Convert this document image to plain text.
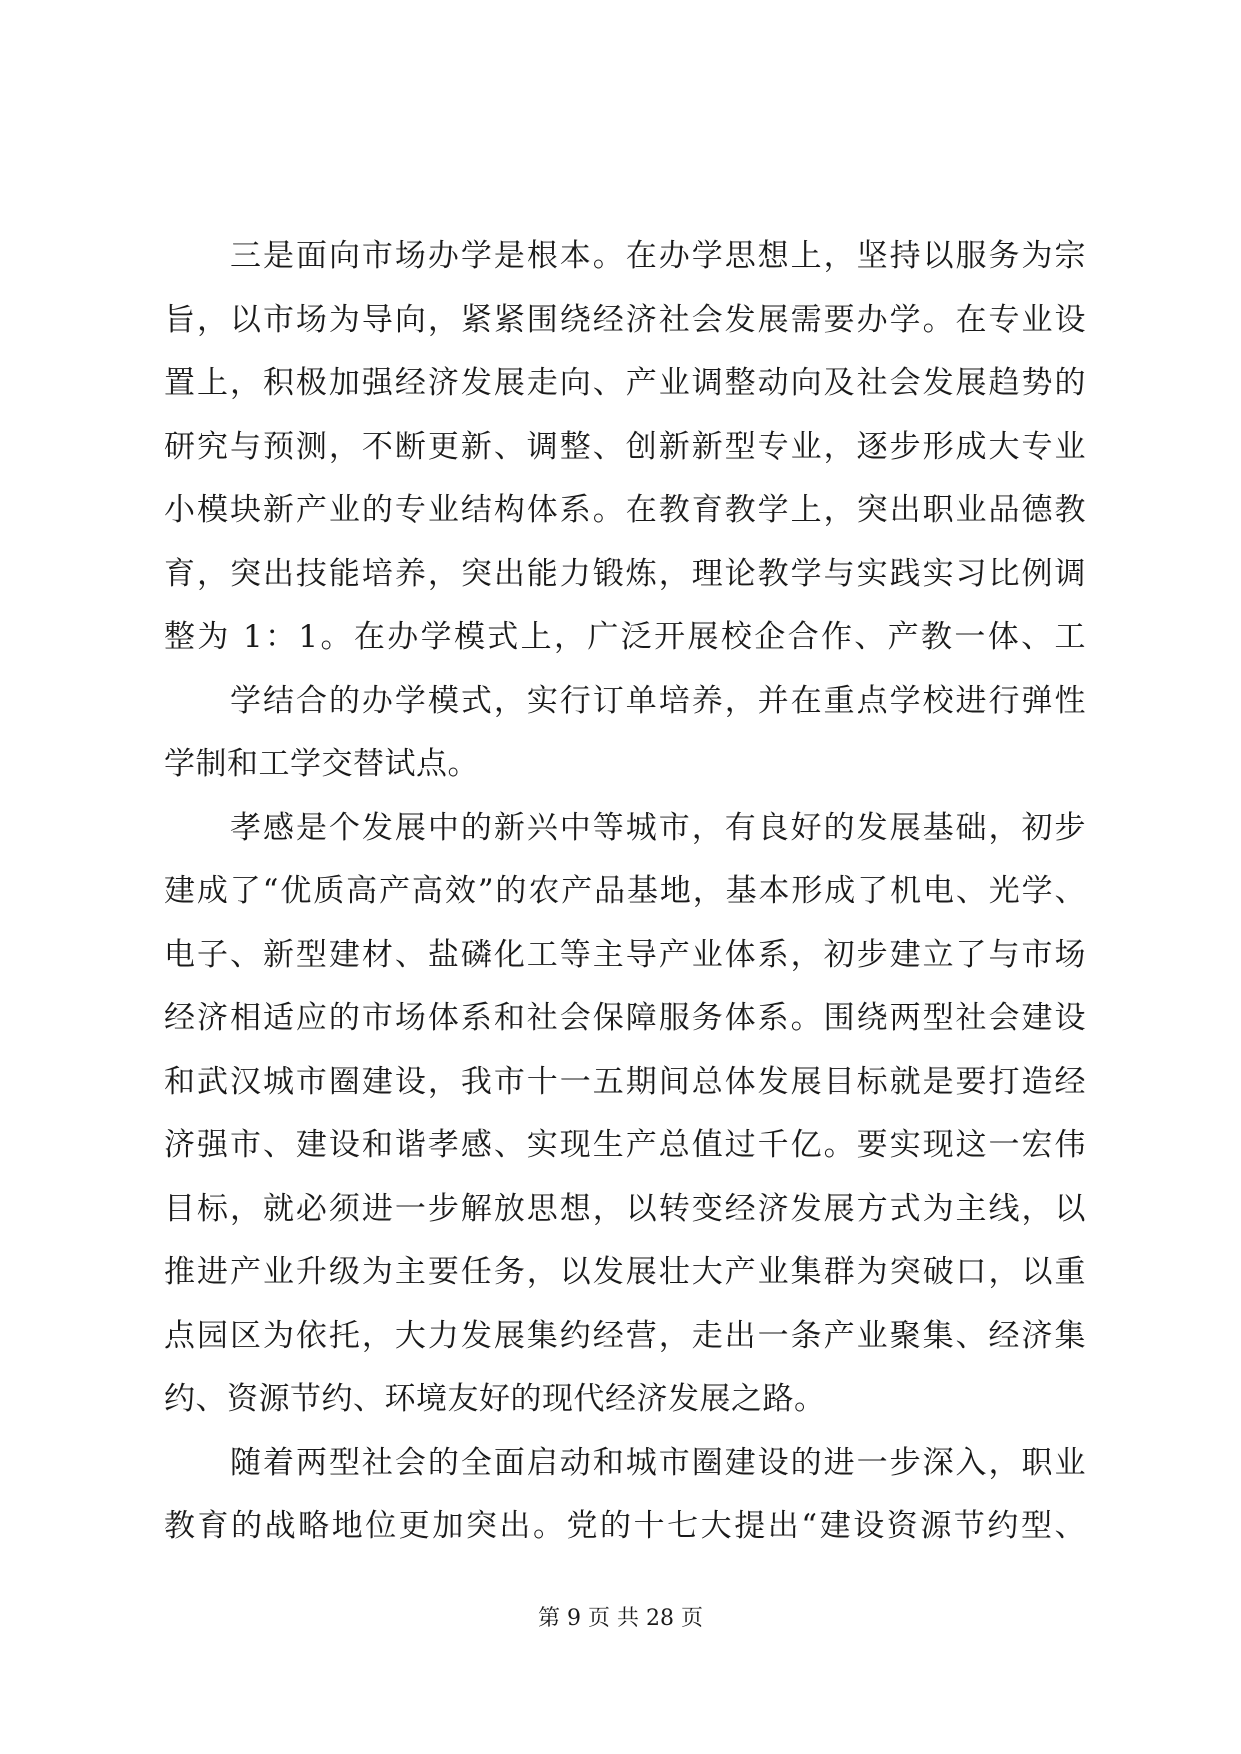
三是面向市场办学是根本。在办学思想上，坚持以服务为宗
旨，以市场为导向，紧紧围绕经济社会发展需要办学。在专业设
置上，积极加强经济发展走向、产业调整动向及社会发展趋势的
研究与预测，不断更新、调整、创新新型专业，逐步形成大专业
小模块新产业的专业结构体系。在教育教学上，突出职业品德教
育，突出技能培养，突出能力锻炼，理论教学与实践实习比例调
整为 1：1。在办学模式上，广泛开展校企合作、产教一体、工
学结合的办学模式，实行订单培养，并在重点学校进行弹性
学制和工学交替试点。
孝感是个发展中的新兴中等城市，有良好的发展基础，初步
建成了“优质高产高效”的农产品基地，基本形成了机电、光学、
电子、新型建材、盐磷化工等主导产业体系，初步建立了与市场
经济相适应的市场体系和社会保障服务体系。围绕两型社会建设
和武汉城市圈建设，我市十一五期间总体发展目标就是要打造经
济强市、建设和谐孝感、实现生产总值过千亿。要实现这一宏伟
目标，就必须进一步解放思想，以转变经济发展方式为主线，以
推进产业升级为主要任务，以发展壮大产业集群为突破口，以重
点园区为依托，大力发展集约经营，走出一条产业聚集、经济集
约、资源节约、环境友好的现代经济发展之路。
随着两型社会的全面启动和城市圈建设的进一步深入，职业
教育的战略地位更加突出。党的十七大提出“建设资源节约型、
第 9 页 共 28 页
